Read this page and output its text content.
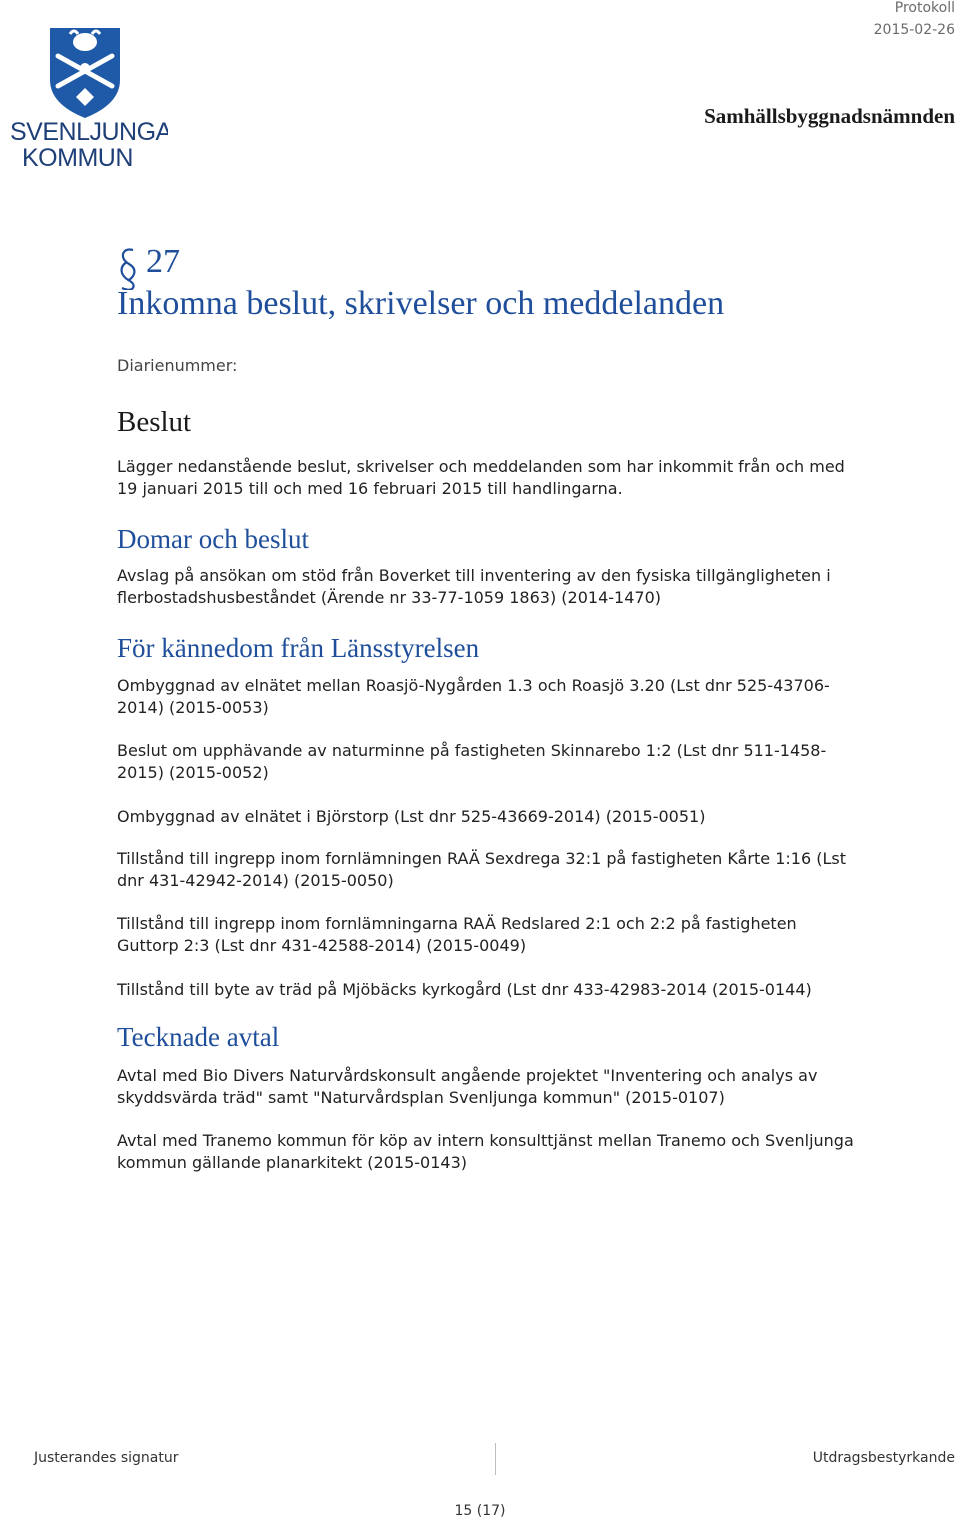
SVENLJUNGA
KOMMUN
Protokoll
2015-02-26
Samhällsbyggnadsnämnden
27
Inkomna beslut, skrivelser och meddelanden
Diarienummer:
Beslut
Lägger nedanstående beslut, skrivelser och meddelanden som har inkommit från och med 19 januari 2015 till och med 16 februari 2015 till handlingarna.
Domar och beslut
Avslag på ansökan om stöd från Boverket till inventering av den fysiska tillgängligheten i flerbostadshusbeståndet (Ärende nr 33-77-1059 1863) (2014-1470)
För kännedom från Länsstyrelsen
Ombyggnad av elnätet mellan Roasjö-Nygården 1.3 och Roasjö 3.20 (Lst dnr 525-43706-2014) (2015-0053)
Beslut om upphävande av naturminne på fastigheten Skinnarebo 1:2 (Lst dnr 511-1458-2015) (2015-0052)
Ombyggnad av elnätet i Björstorp (Lst dnr 525-43669-2014) (2015-0051)
Tillstånd till ingrepp inom fornlämningen RAÄ Sexdrega 32:1 på fastigheten Kårte 1:16 (Lst dnr 431-42942-2014) (2015-0050)
Tillstånd till ingrepp inom fornlämningarna RAÄ Redslared 2:1 och 2:2 på fastigheten Guttorp 2:3 (Lst dnr 431-42588-2014) (2015-0049)
Tillstånd till byte av träd på Mjöbäcks kyrkogård (Lst dnr 433-42983-2014 (2015-0144)
Tecknade avtal
Avtal med Bio Divers Naturvårdskonsult angående projektet "Inventering och analys av skyddsvärda träd" samt "Naturvårdsplan Svenljunga kommun" (2015-0107)
Avtal med Tranemo kommun för köp av intern konsulttjänst mellan Tranemo och Svenljunga kommun gällande planarkitekt (2015-0143)
Justerandes signatur	Utdragsbestyrkande
15 (17)
